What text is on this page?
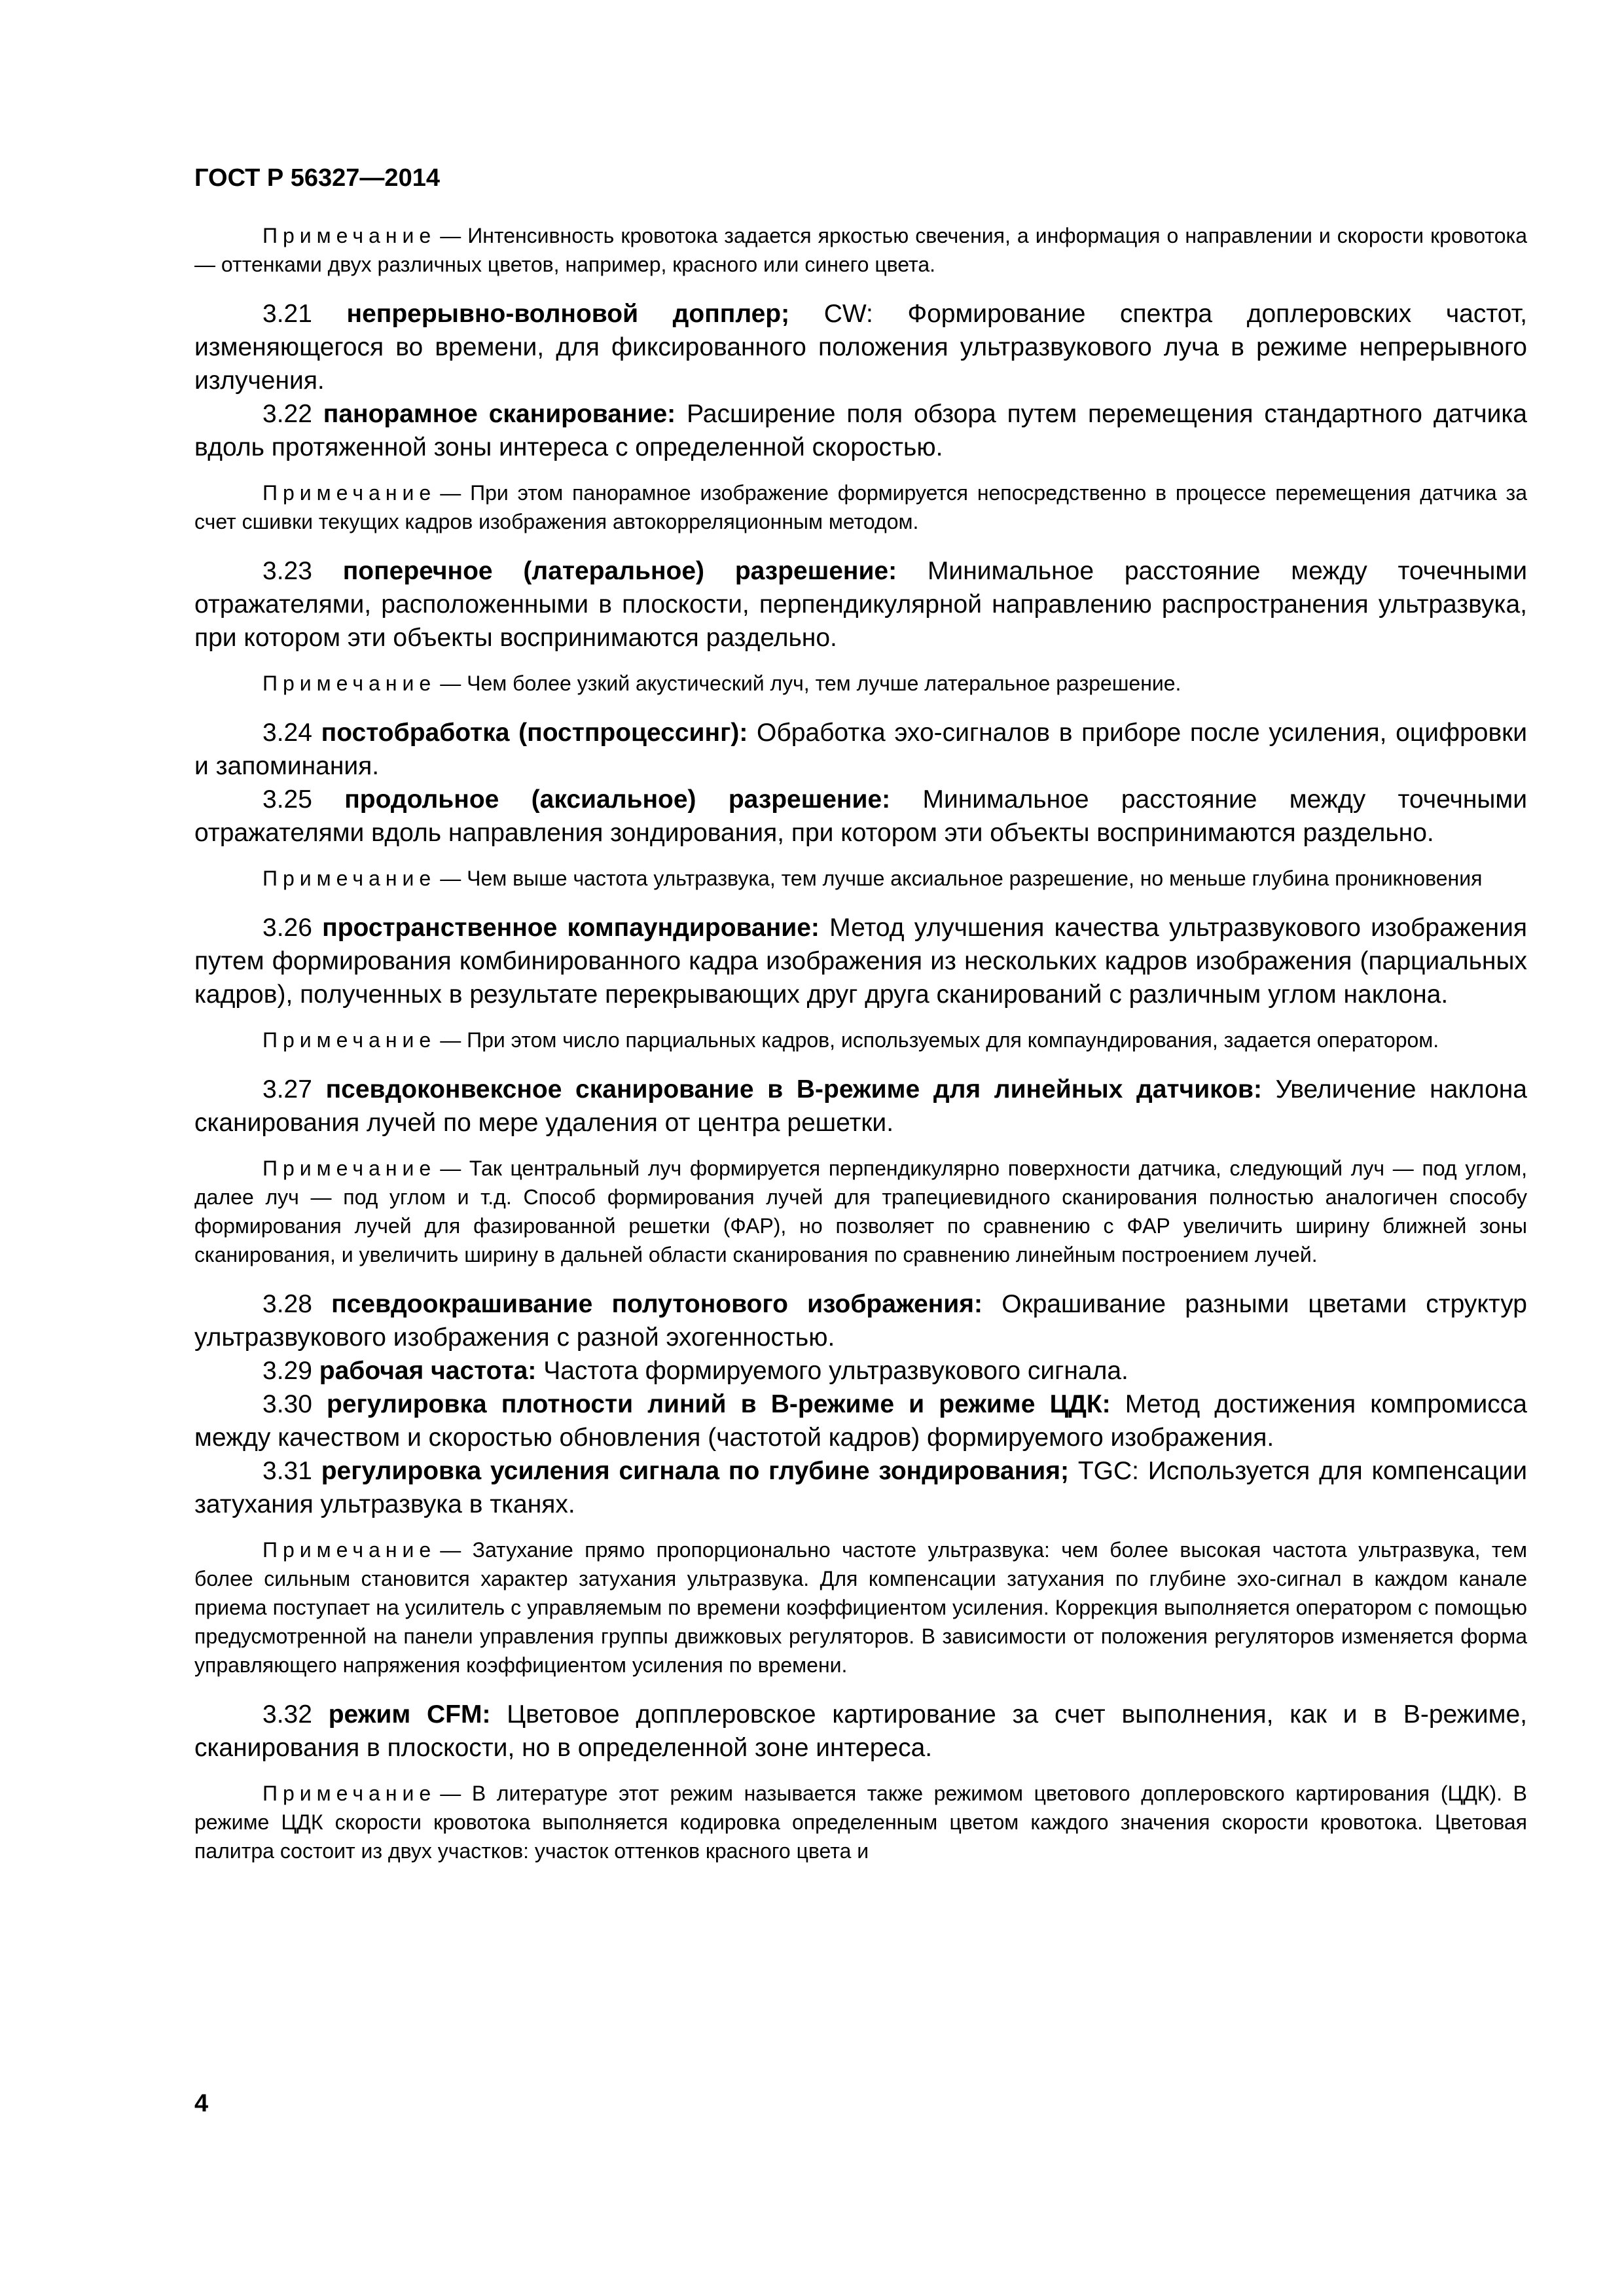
ГОСТ Р 56327—2014

Примечание — Интенсивность кровотока задается яркостью свечения, а информация о направлении и скорости кровотока — оттенками двух различных цветов, например, красного или синего цвета.

3.21 непрерывно-волновой допплер; CW: Формирование спектра доплеровских частот, изменяющегося во времени, для фиксированного положения ультразвукового луча в режиме непрерывного излучения.

3.22 панорамное сканирование: Расширение поля обзора путем перемещения стандартного датчика вдоль протяженной зоны интереса с определенной скоростью.

Примечание — При этом панорамное изображение формируется непосредственно в процессе перемещения датчика за счет сшивки текущих кадров изображения автокорреляционным методом.

3.23 поперечное (латеральное) разрешение: Минимальное расстояние между точечными отражателями, расположенными в плоскости, перпендикулярной направлению распространения ультразвука, при котором эти объекты воспринимаются раздельно.

Примечание — Чем более узкий акустический луч, тем лучше латеральное разрешение.

3.24 постобработка (постпроцессинг): Обработка эхо-сигналов в приборе после усиления, оцифровки и запоминания.

3.25 продольное (аксиальное) разрешение: Минимальное расстояние между точечными отражателями вдоль направления зондирования, при котором эти объекты воспринимаются раздельно.

Примечание — Чем выше частота ультразвука, тем лучше аксиальное разрешение, но меньше глубина проникновения

3.26 пространственное компаундирование: Метод улучшения качества ультразвукового изображения путем формирования комбинированного кадра изображения из нескольких кадров изображения (парциальных кадров), полученных в результате перекрывающих друг друга сканирований с различным углом наклона.

Примечание — При этом число парциальных кадров, используемых для компаундирования, задается оператором.

3.27 псевдоконвексное сканирование в В-режиме для линейных датчиков: Увеличение наклона сканирования лучей по мере удаления от центра решетки.

Примечание — Так центральный луч формируется перпендикулярно поверхности датчика, следующий луч — под углом, далее луч — под углом и т.д. Способ формирования лучей для трапециевидного сканирования полностью аналогичен способу формирования лучей для фазированной решетки (ФАР), но позволяет по сравнению с ФАР увеличить ширину ближней зоны сканирования, и увеличить ширину в дальней области сканирования по сравнению линейным построением лучей.

3.28 псевдоокрашивание полутонового изображения: Окрашивание разными цветами структур ультразвукового изображения с разной эхогенностью.

3.29 рабочая частота: Частота формируемого ультразвукового сигнала.

3.30 регулировка плотности линий в В-режиме и режиме ЦДК: Метод достижения компромисса между качеством и скоростью обновления (частотой кадров) формируемого изображения.

3.31 регулировка усиления сигнала по глубине зондирования; TGC: Используется для компенсации затухания ультразвука в тканях.

Примечание — Затухание прямо пропорционально частоте ультразвука: чем более высокая частота ультразвука, тем более сильным становится характер затухания ультразвука. Для компенсации затухания по глубине эхо-сигнал в каждом канале приема поступает на усилитель с управляемым по времени коэффициентом усиления. Коррекция выполняется оператором с помощью предусмотренной на панели управления группы движковых регуляторов. В зависимости от положения регуляторов изменяется форма управляющего напряжения коэффициентом усиления по времени.

3.32 режим CFM: Цветовое допплеровское картирование за счет выполнения, как и в В-режиме, сканирования в плоскости, но в определенной зоне интереса.

Примечание — В литературе этот режим называется также режимом цветового доплеровского картирования (ЦДК). В режиме ЦДК скорости кровотока выполняется кодировка определенным цветом каждого значения скорости кровотока. Цветовая палитра состоит из двух участков: участок оттенков красного цвета и

4
